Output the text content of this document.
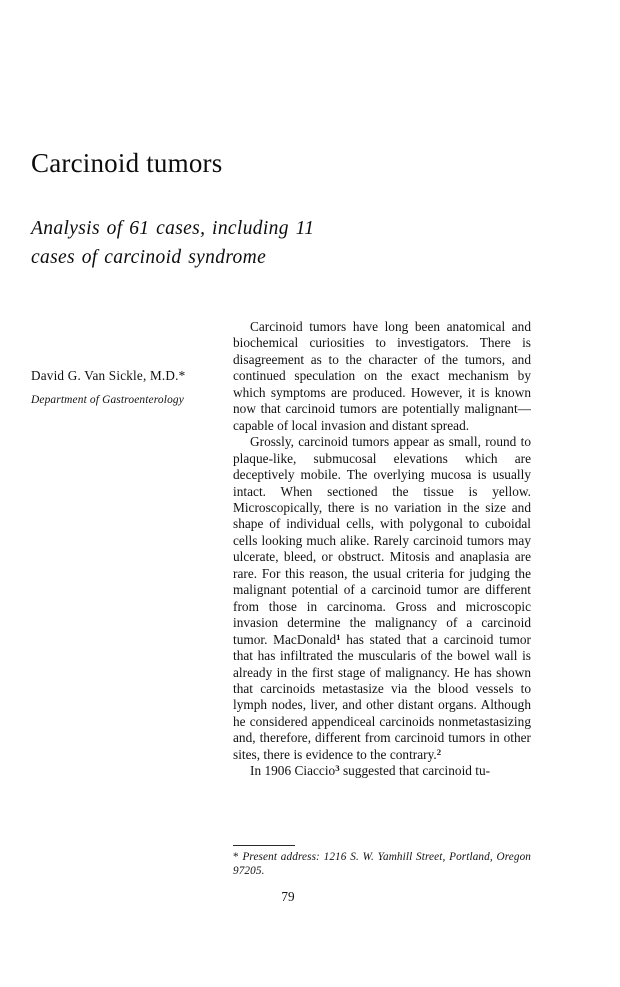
Carcinoid tumors
Analysis of 61 cases, including 11 cases of carcinoid syndrome
David G. Van Sickle, M.D.*
Department of Gastroenterology

Carcinoid tumors have long been anatomical and biochemical curiosities to investigators. There is disagreement as to the character of the tumors, and continued speculation on the exact mechanism by which symptoms are produced. However, it is known now that carcinoid tumors are potentially malignant—capable of local invasion and distant spread.

Grossly, carcinoid tumors appear as small, round to plaque-like, submucosal elevations which are deceptively mobile. The overlying mucosa is usually intact. When sectioned the tissue is yellow. Microscopically, there is no variation in the size and shape of individual cells, with polygonal to cuboidal cells looking much alike. Rarely carcinoid tumors may ulcerate, bleed, or obstruct. Mitosis and anaplasia are rare. For this reason, the usual criteria for judging the malignant potential of a carcinoid tumor are different from those in carcinoma. Gross and microscopic invasion determine the malignancy of a carcinoid tumor. MacDonald$^1$ has stated that a carcinoid tumor that has infiltrated the muscularis of the bowel wall is already in the first stage of malignancy. He has shown that carcinoids metastasize via the blood vessels to lymph nodes, liver, and other distant organs. Although he considered appendiceal carcinoids nonmetastasizing and, therefore, different from carcinoid tumors in other sites, there is evidence to the contrary.$^2$

In 1906 Ciaccio$^3$ suggested that carcinoid tu-

* Present address: 1216 S. W. Yamhill Street, Portland, Oregon 97205.

79
